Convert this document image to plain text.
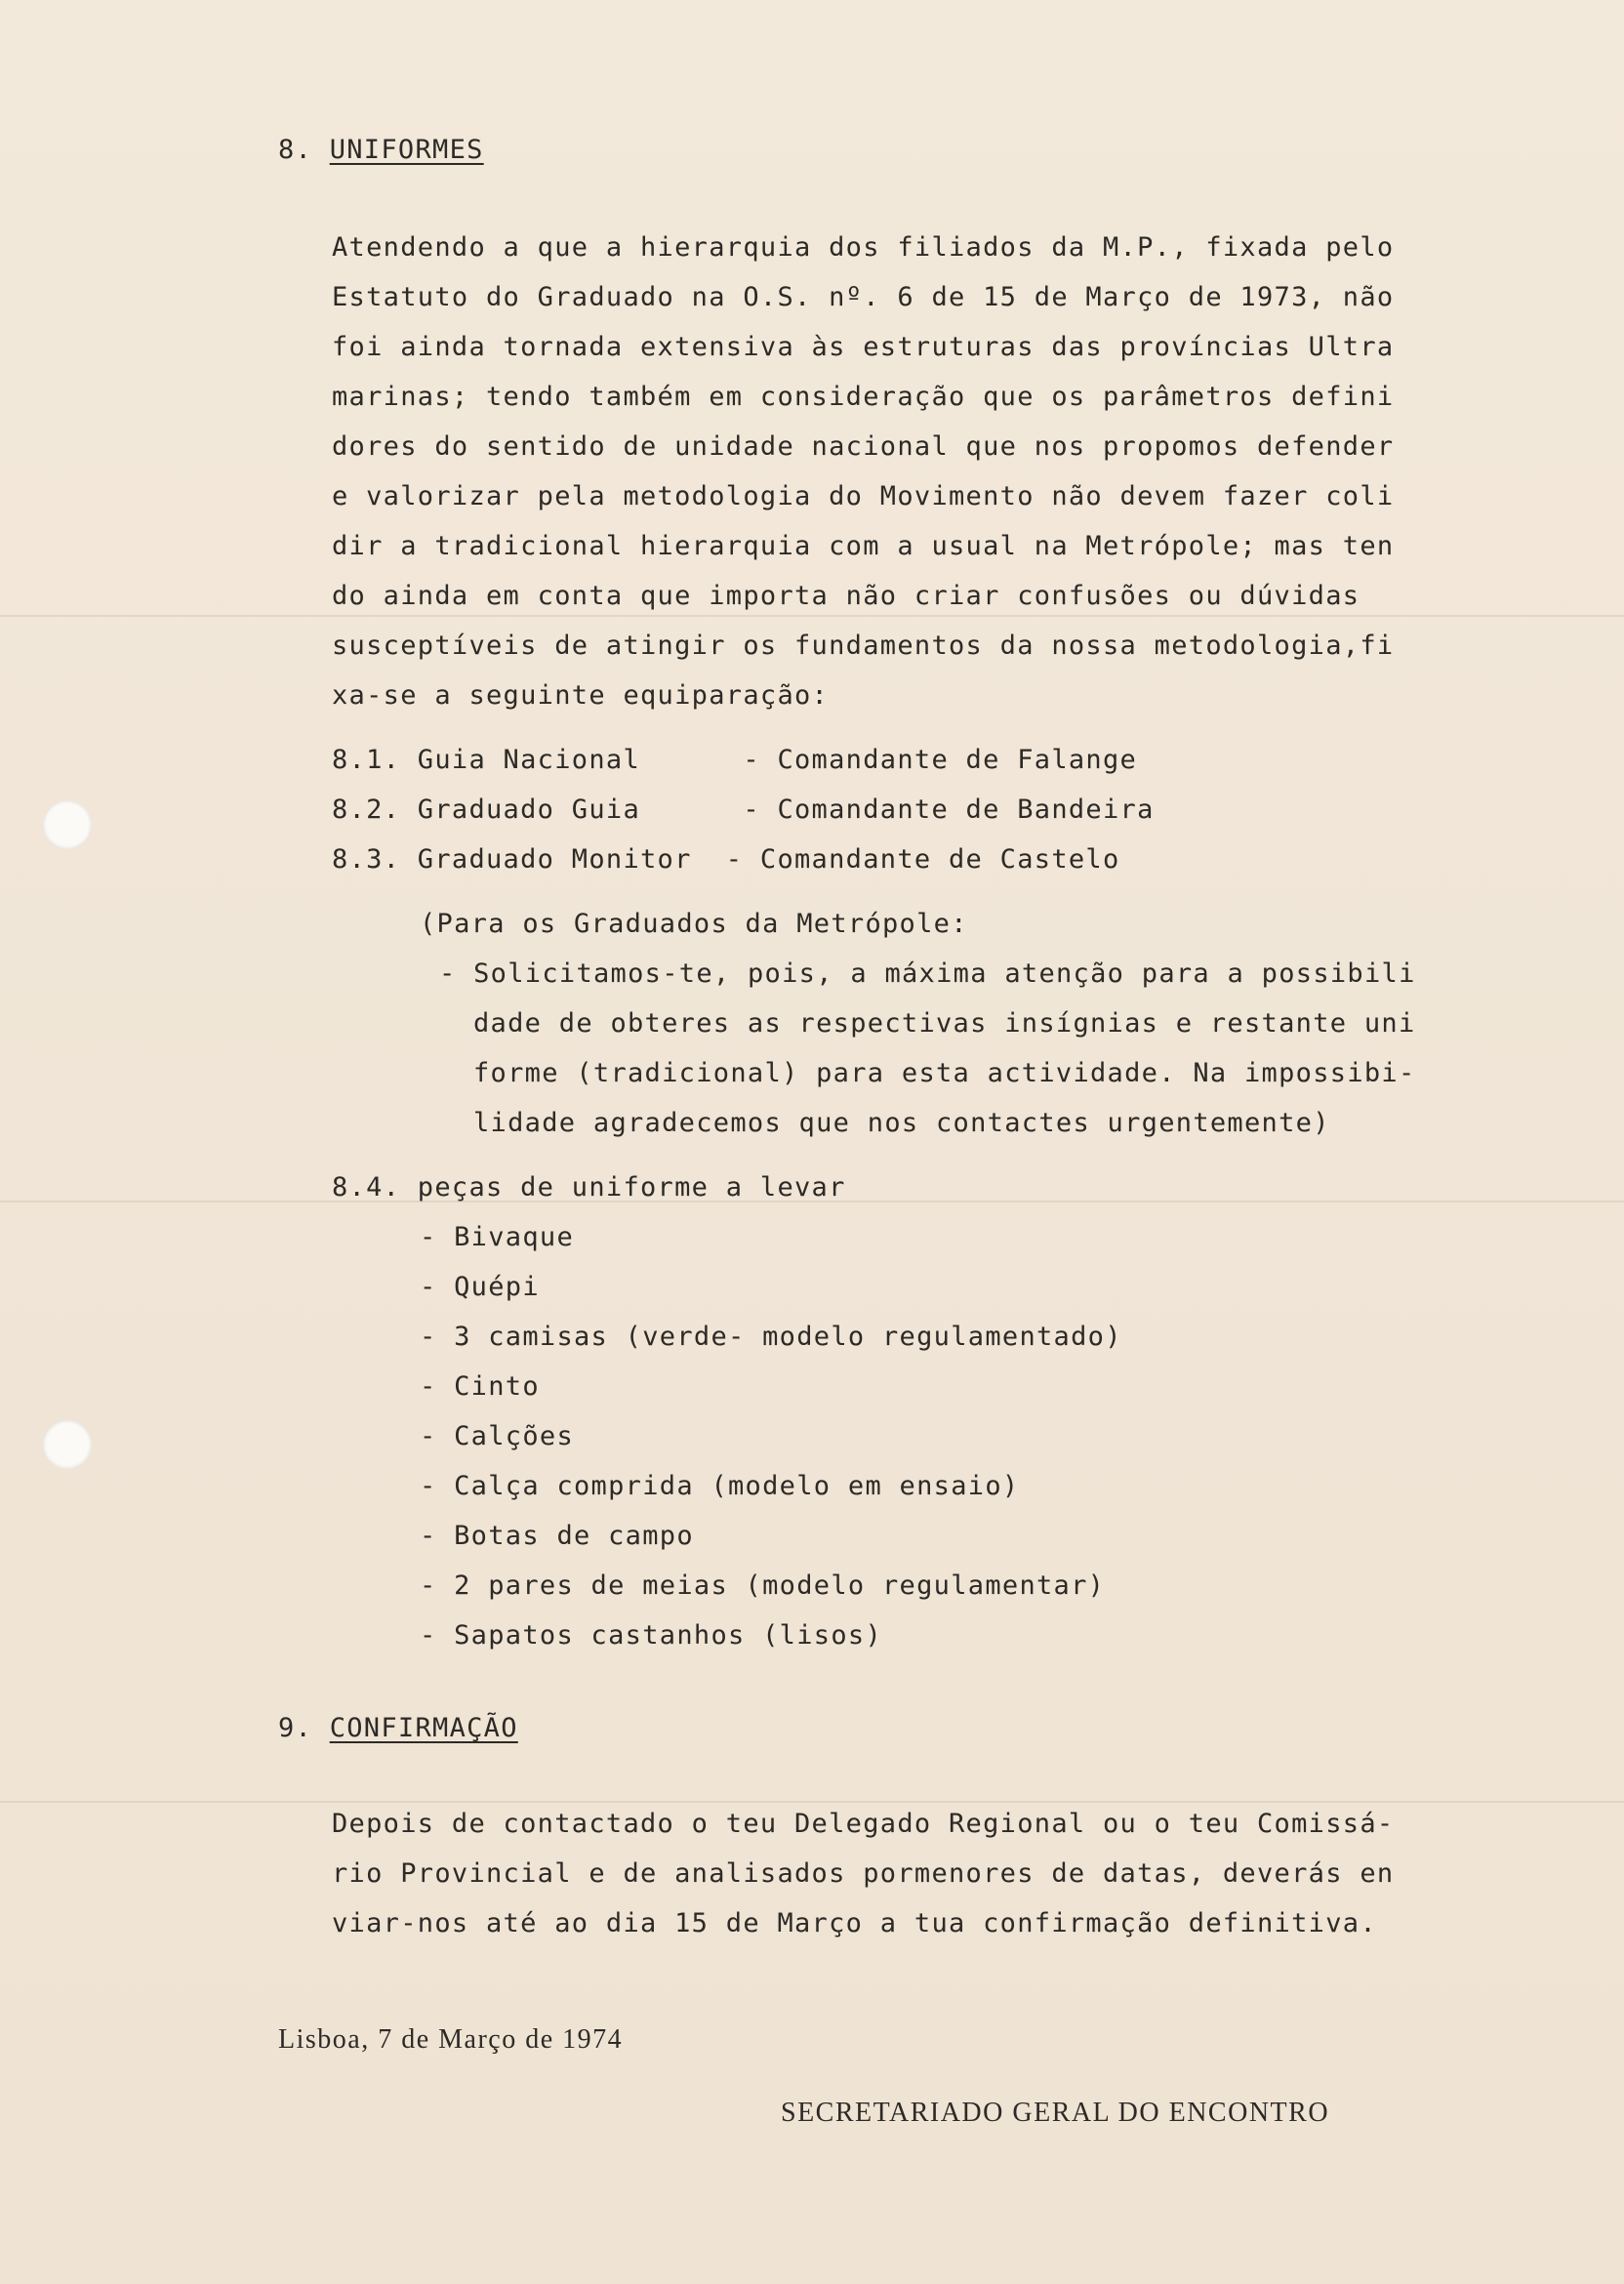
8. UNIFORMES
Atendendo a que a hierarquia dos filiados da M.P., fixada pelo
Estatuto do Graduado na O.S. nº. 6 de 15 de Março de 1973, não
foi ainda tornada extensiva às estruturas das províncias Ultra
marinas; tendo também em consideração que os parâmetros defini
dores do sentido de unidade nacional que nos propomos defender
e valorizar pela metodologia do Movimento não devem fazer coli
dir a tradicional hierarquia com a usual na Metrópole; mas ten
do ainda em conta que importa não criar confusões ou dúvidas
susceptíveis de atingir os fundamentos da nossa metodologia,fi
xa-se a seguinte equiparação:
8.1. Guia Nacional      - Comandante de Falange
8.2. Graduado Guia      - Comandante de Bandeira
8.3. Graduado Monitor  - Comandante de Castelo
(Para os Graduados da Metrópole:
- Solicitamos-te, pois, a máxima atenção para a possibili
dade de obteres as respectivas insígnias e restante uni
forme (tradicional) para esta actividade. Na impossibi-
lidade agradecemos que nos contactes urgentemente)
8.4. peças de uniforme a levar
- Bivaque
- Quépi
- 3 camisas (verde- modelo regulamentado)
- Cinto
- Calções
- Calça comprida (modelo em ensaio)
- Botas de campo
- 2 pares de meias (modelo regulamentar)
- Sapatos castanhos (lisos)
9. CONFIRMAÇÃO
Depois de contactado o teu Delegado Regional ou o teu Comissá-
rio Provincial e de analisados pormenores de datas, deverás en
viar-nos até ao dia 15 de Março a tua confirmação definitiva.
Lisboa, 7 de Março de 1974
SECRETARIADO GERAL DO ENCONTRO
